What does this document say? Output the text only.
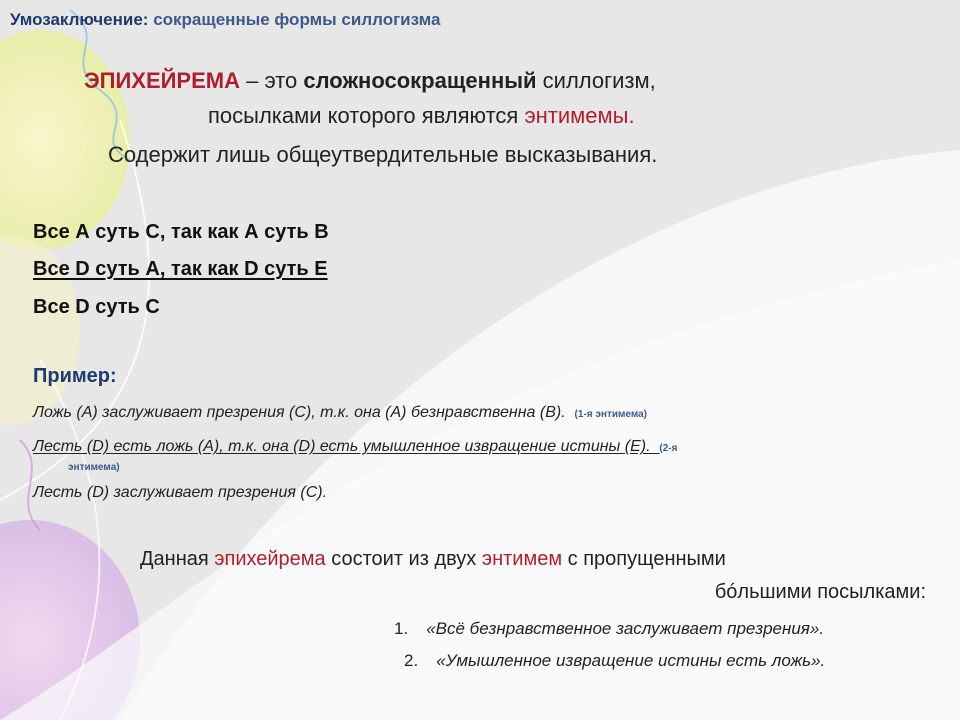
Умозаключение: сокращенные формы силлогизма
ЭПИХЕЙРЕМА – это сложносокращенный силлогизм,
посылками которого являются энтимемы.
Содержит лишь общеутвердительные высказывания.
Все А суть С, так как А суть В
Все D суть А, так как D суть Е
Все D суть С
Пример:
Ложь (А) заслуживает презрения (С), т.к. она (А) безнравственна (В). (1-я энтимема)
Лесть (D) есть ложь (А), т.к. она (D) есть умышленное извращение истины (Е). (2-я
энтимема)
Лесть (D) заслуживает презрения (С).
Данная эпихейрема состоит из двух энтимем с пропущенными
бóльшими посылками:
1. «Всё безнравственное заслуживает презрения».
2. «Умышленное извращение истины есть ложь».
